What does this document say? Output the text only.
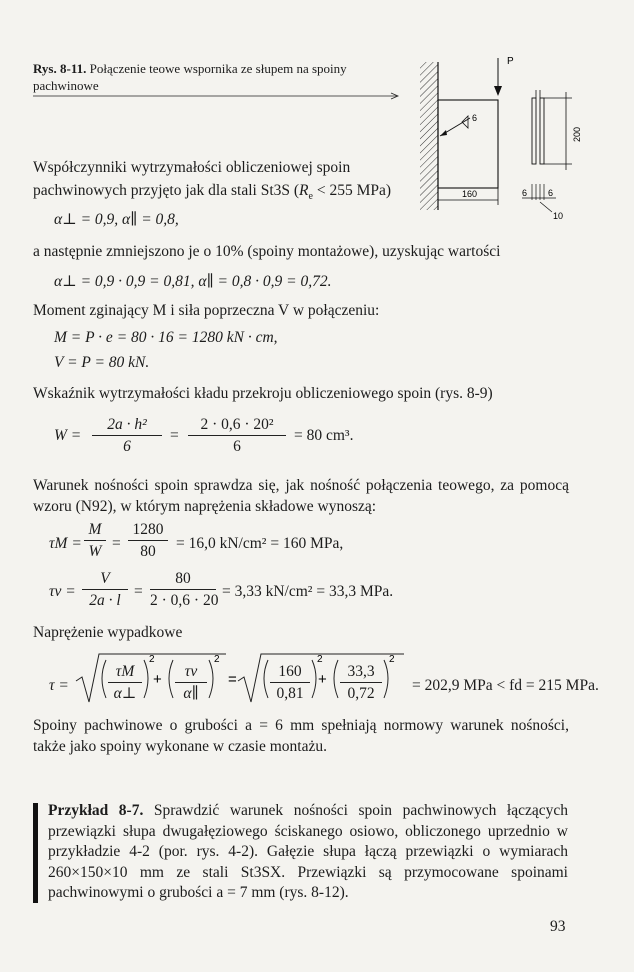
Rys. 8-11. Połączenie teowe wspornika ze słupem na spoiny pachwinowe
6
P
160
200
6 6
10
Współczynniki wytrzymałości obliczeniowej spoin
pachwinowych przyjęto jak dla stali St3S ($R_e < 255$ MPa)
α⊥ = 0,9, α∥ = 0,8,
a następnie zmniejszono je o 10% (spoiny montażowe), uzyskując wartości
α⊥ = 0,9 · 0,9 = 0,81, α∥ = 0,8 · 0,9 = 0,72.
Moment zginający M i siła poprzeczna V w połączeniu:
M = P · e = 80 · 16 = 1280 kN · cm,
V = P = 80 kN.
Wskaźnik wytrzymałości kładu przekroju obliczeniowego spoin (rys. 8-9)
W =
2a · h²
6
=
2 · 0,6 · 20²
6
= 80 cm³.
Warunek nośności spoin sprawdza się, jak nośność połączenia teowego, za pomocą wzoru (N92), w którym naprężenia składowe wynoszą:
τM =
M
W =
1280
80	= 16,0 kN/cm² = 160 MPa,
τv =
V
2a · l
=
80
2 · 0,6 · 20
= 3,33 kN/cm² = 33,3 MPa.
Naprężenie wypadkowe
τ =
2	2	2	2
+	+
=
τM
α⊥
τv
α∥
160
0,81
33,3
0,72	= 202,9 MPa < fd = 215 MPa.
Spoiny pachwinowe o grubości a = 6 mm spełniają normowy warunek nośności, także jako spoiny wykonane w czasie montażu.
Przykład 8-7. Sprawdzić warunek nośności spoin pachwinowych łączących przewiązki słupa dwugałęziowego ściskanego osiowo, obliczonego uprzednio w przykładzie 4-2 (por. rys. 4-2). Gałęzie słupa łączą przewiązki o wymiarach 260×150×10 mm ze stali St3SX. Przewiązki są przymocowane spoinami pachwinowymi o grubości a = 7 mm (rys. 8-12).
93
